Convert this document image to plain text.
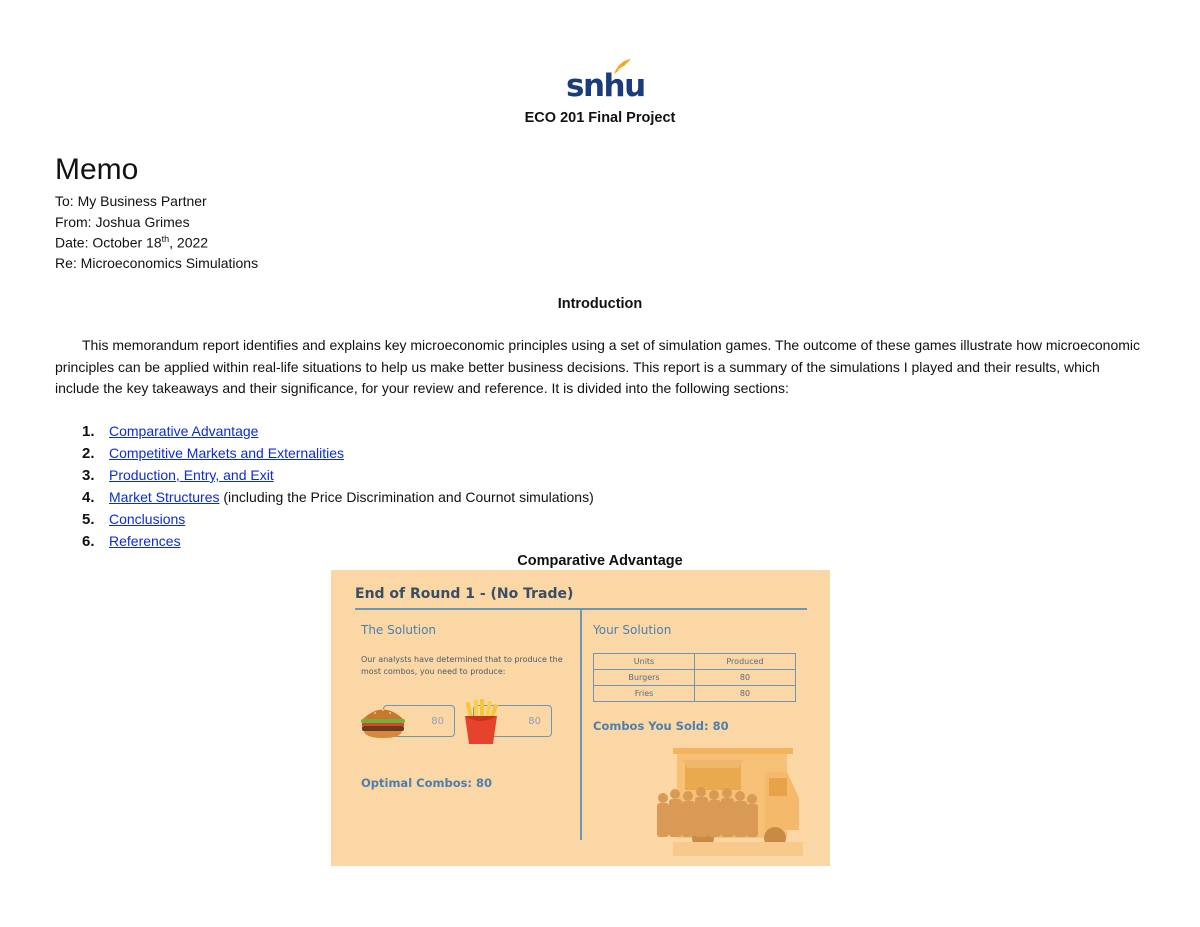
snhu
ECO 201 Final Project
Memo
To: My Business Partner
From: Joshua Grimes
Date: October 18th, 2022
Re: Microeconomics Simulations
Introduction
This memorandum report identifies and explains key microeconomic principles using a set of simulation games. The outcome of these games illustrate how microeconomic principles can be applied within real-life situations to help us make better business decisions. This report is a summary of the simulations I played and their results, which include the key takeaways and their significance, for your review and reference. It is divided into the following sections:
1.	Comparative Advantage
2.	Competitive Markets and Externalities
3.	Production, Entry, and Exit
4.	Market Structures (including the Price Discrimination and Cournot simulations)
5.	Conclusions
6.	References
Comparative Advantage
End of Round 1 - (No Trade)
The Solution
Our analysts have determined that to produce the most combos, you need to produce:
80	80
Optimal Combos: 80
Your Solution
Units	Produced
Burgers	80
Fries	80
Combos You Sold: 80
